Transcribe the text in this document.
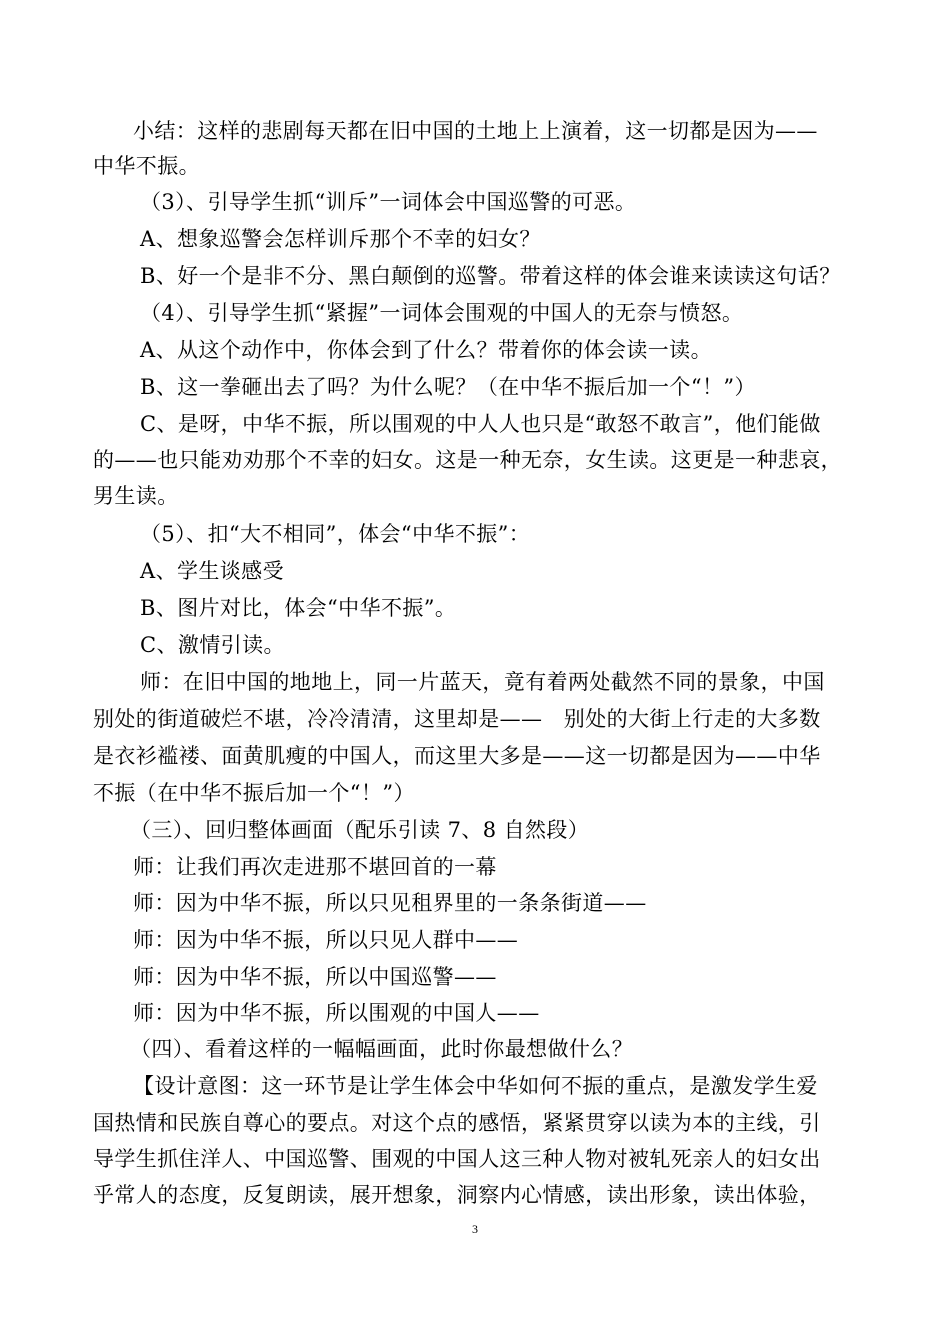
小结：这样的悲剧每天都在旧中国的土地上上演着，这一切都是因为——
中华不振。
（3）、引导学生抓“训斥”一词体会中国巡警的可恶。
A、想象巡警会怎样训斥那个不幸的妇女？
B、好一个是非不分、黑白颠倒的巡警。带着这样的体会谁来读读这句话？
（4）、引导学生抓“紧握”一词体会围观的中国人的无奈与愤怒。
A、从这个动作中，你体会到了什么？带着你的体会读一读。
B、这一拳砸出去了吗？为什么呢？（在中华不振后加一个“！”）
C、是呀，中华不振，所以围观的中人人也只是“敢怒不敢言”，他们能做
的——也只能劝劝那个不幸的妇女。这是一种无奈，女生读。这更是一种悲哀，
男生读。
（5）、扣“大不相同”，体会“中华不振”：
A、学生谈感受
B、图片对比，体会“中华不振”。
C、激情引读。
师：在旧中国的地地上，同一片蓝天，竟有着两处截然不同的景象，中国
别处的街道破烂不堪，冷冷清清，这里却是——　别处的大街上行走的大多数
是衣衫褴褛、面黄肌瘦的中国人，而这里大多是——这一切都是因为——中华
不振（在中华不振后加一个“！”）
（三）、回归整体画面（配乐引读 7、8 自然段）
师：让我们再次走进那不堪回首的一幕
师：因为中华不振，所以只见租界里的一条条街道——
师：因为中华不振，所以只见人群中——
师：因为中华不振，所以中国巡警——
师：因为中华不振，所以围观的中国人——
（四）、看着这样的一幅幅画面，此时你最想做什么？
【设计意图：这一环节是让学生体会中华如何不振的重点，是激发学生爱
国热情和民族自尊心的要点。对这个点的感悟，紧紧贯穿以读为本的主线，引
导学生抓住洋人、中国巡警、围观的中国人这三种人物对被轧死亲人的妇女出
乎常人的态度，反复朗读，展开想象，洞察内心情感，读出形象，读出体验，
3
